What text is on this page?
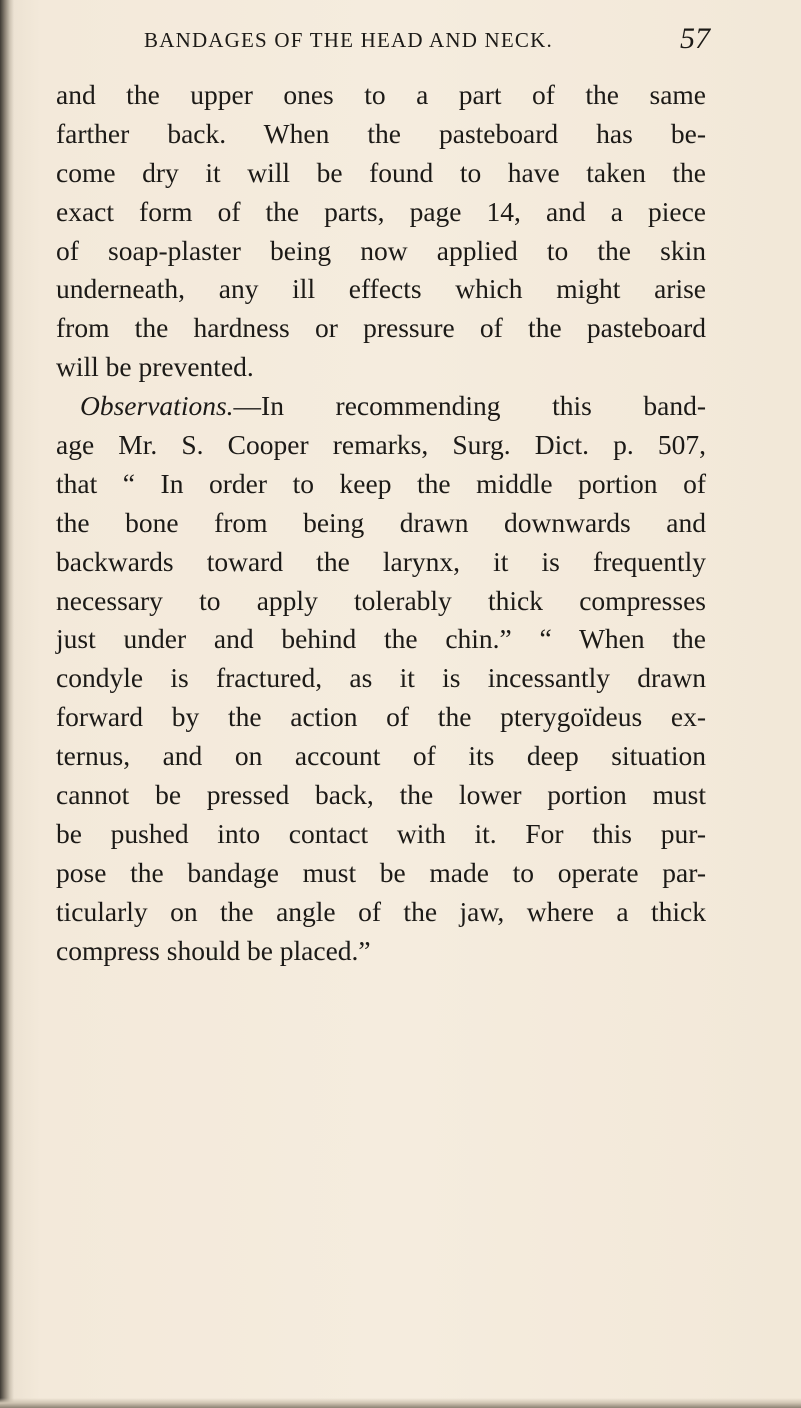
BANDAGES OF THE HEAD AND NECK.	57
and the upper ones to a part of the same
farther back. When the pasteboard has be-
come dry it will be found to have taken the
exact form of the parts, page 14, and a piece
of soap-plaster being now applied to the skin
underneath, any ill effects which might arise
from the hardness or pressure of the pasteboard
will be prevented.
Observations.—In recommending this band-
age Mr. S. Cooper remarks, Surg. Dict. p. 507,
that “ In order to keep the middle portion of
the bone from being drawn downwards and
backwards toward the larynx, it is frequently
necessary to apply tolerably thick compresses
just under and behind the chin.” “ When the
condyle is fractured, as it is incessantly drawn
forward by the action of the pterygoïdeus ex-
ternus, and on account of its deep situation
cannot be pressed back, the lower portion must
be pushed into contact with it. For this pur-
pose the bandage must be made to operate par-
ticularly on the angle of the jaw, where a thick
compress should be placed.”
